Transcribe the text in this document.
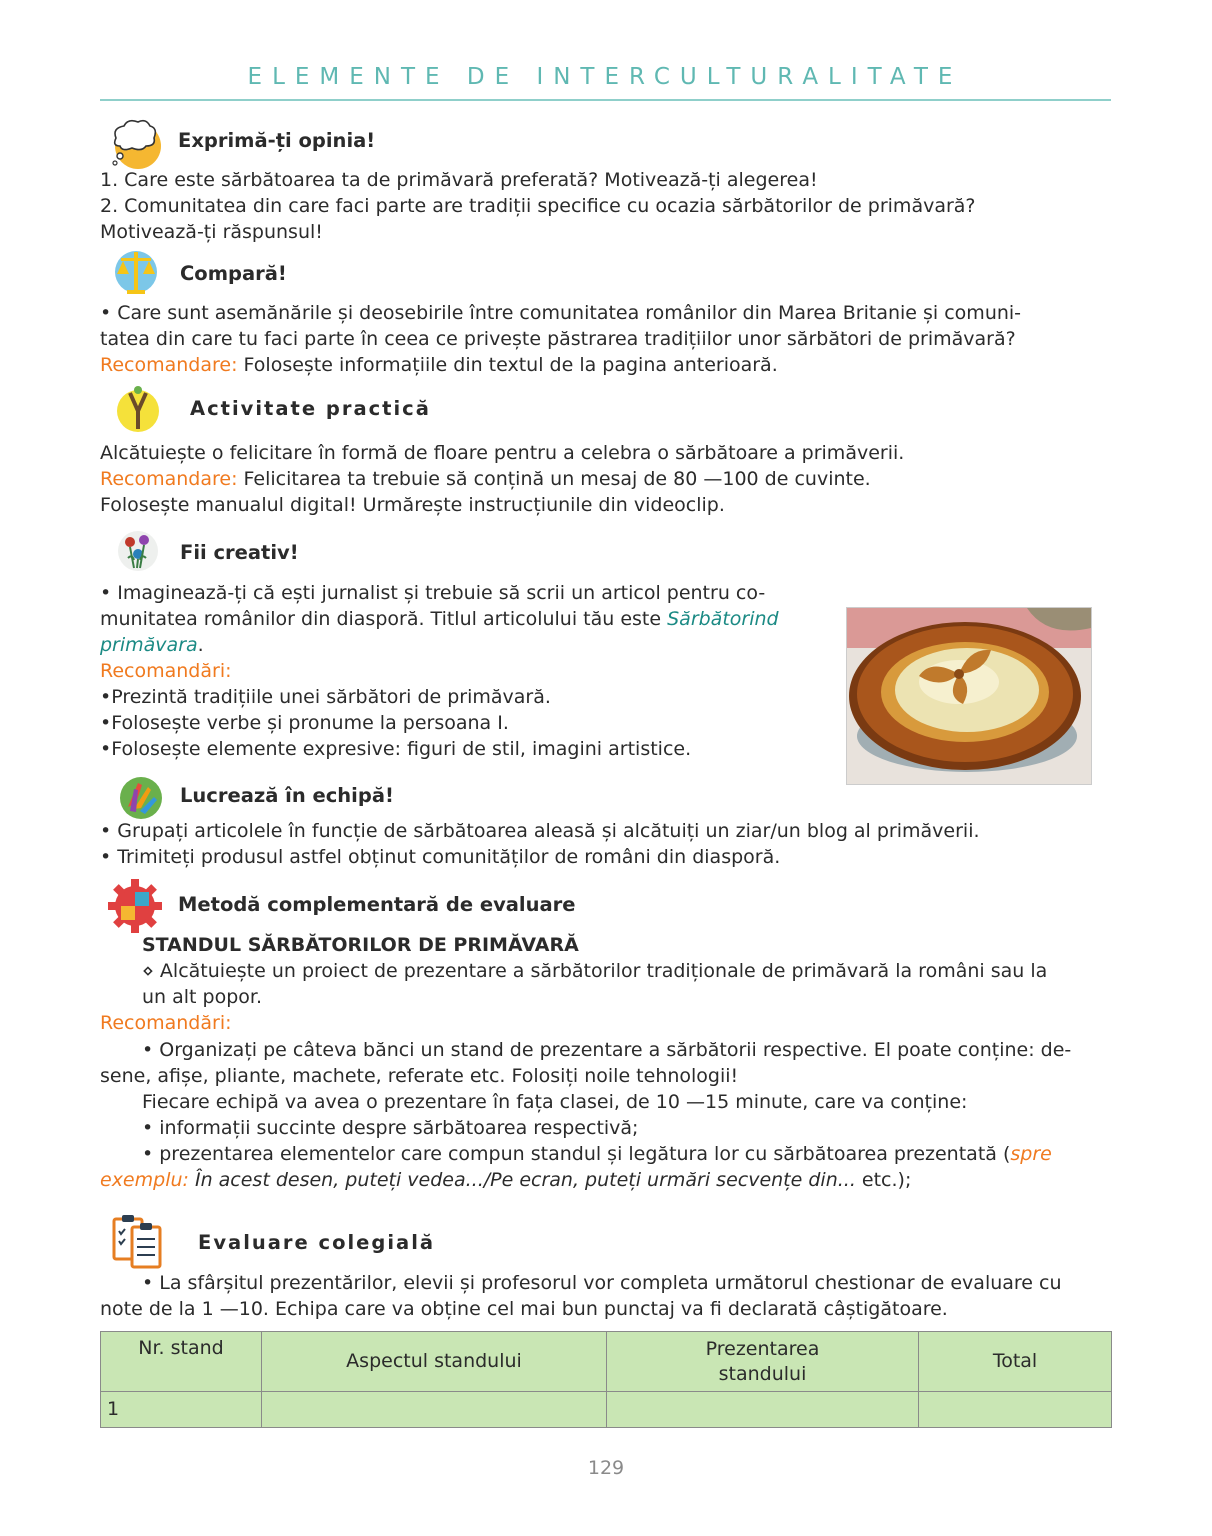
ELEMENTE DE INTERCULTURALITATE
Exprimă-ți opinia!
1. Care este sărbătoarea ta de primăvară preferată? Motivează-ți alegerea!
2. Comunitatea din care faci parte are tradiții specifice cu ocazia sărbătorilor de primăvară?
Motivează-ți răspunsul!
Compară!
• Care sunt asemănările și deosebirile între comunitatea românilor din Marea Britanie și comuni-
tatea din care tu faci parte în ceea ce privește păstrarea tradițiilor unor sărbători de primăvară?
Recomandare: Folosește informațiile din textul de la pagina anterioară.
Activitate practică
Alcătuiește o felicitare în formă de floare pentru a celebra o sărbătoare a primăverii.
Recomandare: Felicitarea ta trebuie să conțină un mesaj de 80 —100 de cuvinte.
Folosește manualul digital! Urmărește instrucțiunile din videoclip.
Fii creativ!
• Imaginează-ți că ești jurnalist și trebuie să scrii un articol pentru co-
munitatea românilor din diasporă. Titlul articolului tău este Sărbătorind
primăvara.
Recomandări:
•Prezintă tradițiile unei sărbători de primăvară.
•Folosește verbe și pronume la persoana I.
•Folosește elemente expresive: figuri de stil, imagini artistice.
Lucrează în echipă!
• Grupați articolele în funcție de sărbătoarea aleasă și alcătuiți un ziar/un blog al primăverii.
• Trimiteți produsul astfel obținut comunităților de români din diasporă.
Metodă complementară de evaluare
STANDUL SĂRBĂTORILOR DE PRIMĂVARĂ
⋄ Alcătuiește un proiect de prezentare a sărbătorilor tradiționale de primăvară la români sau la
un alt popor.
Recomandări:
• Organizați pe câteva bănci un stand de prezentare a sărbătorii respective. El poate conține: de-
sene, afișe, pliante, machete, referate etc. Folosiți noile tehnologii!
Fiecare echipă va avea o prezentare în fața clasei, de 10 —15 minute, care va conține:
• informații succinte despre sărbătoarea respectivă;
• prezentarea elementelor care compun standul și legătura lor cu sărbătoarea prezentată (spre
exemplu: În acest desen, puteți vedea.../Pe ecran, puteți urmări secvențe din... etc.);
Evaluare colegială
• La sfârșitul prezentărilor, elevii și profesorul vor completa următorul chestionar de evaluare cu
note de la 1 —10. Echipa care va obține cel mai bun punctaj va fi declarată câștigătoare.
Nr. stand	Aspectul standului	Prezentarea standului	Total
1			
129
